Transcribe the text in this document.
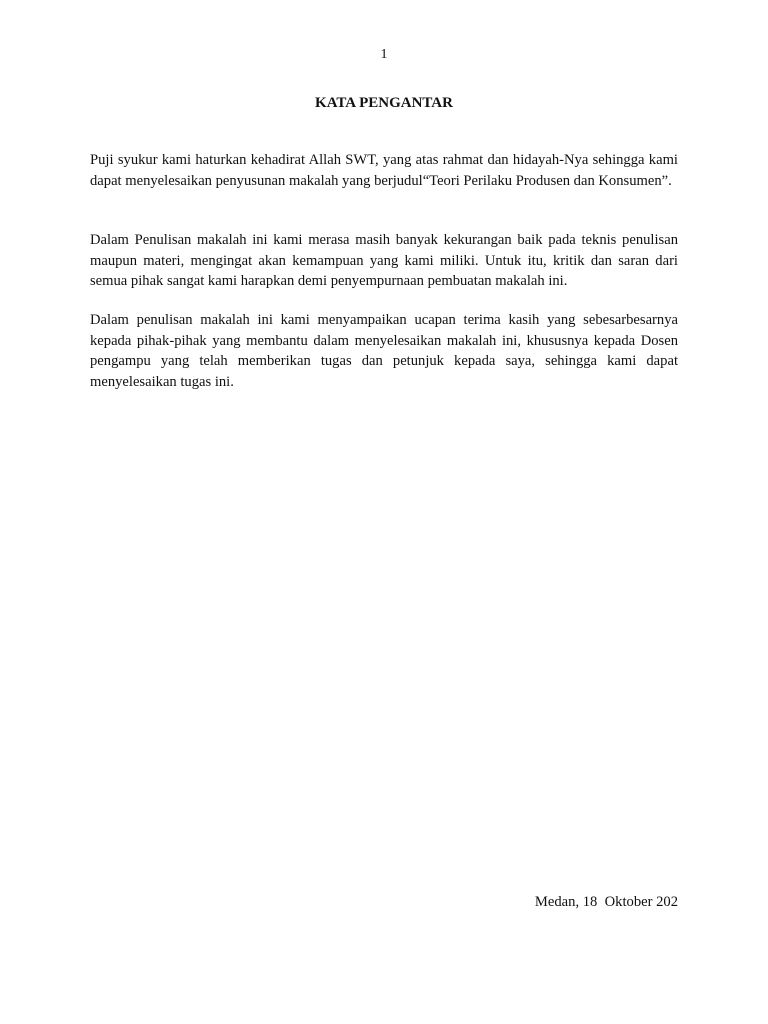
1
KATA PENGANTAR

Puji syukur kami haturkan kehadirat Allah SWT, yang atas rahmat dan hidayah-Nya sehingga kami dapat menyelesaikan penyusunan makalah yang berjudul“Teori Perilaku Produsen dan Konsumen”.

Dalam Penulisan makalah ini kami merasa masih banyak kekurangan baik pada teknis penulisan maupun materi, mengingat akan kemampuan yang kami miliki. Untuk itu, kritik dan saran dari semua pihak sangat kami harapkan demi penyempurnaan pembuatan makalah ini.

Dalam penulisan makalah ini kami menyampaikan ucapan terima kasih yang sebesarbesarnya kepada pihak-pihak yang membantu dalam menyelesaikan makalah ini, khususnya kepada Dosen pengampu yang telah memberikan tugas dan petunjuk kepada saya, sehingga kami dapat menyelesaikan tugas ini.

Medan, 18  Oktober 202
